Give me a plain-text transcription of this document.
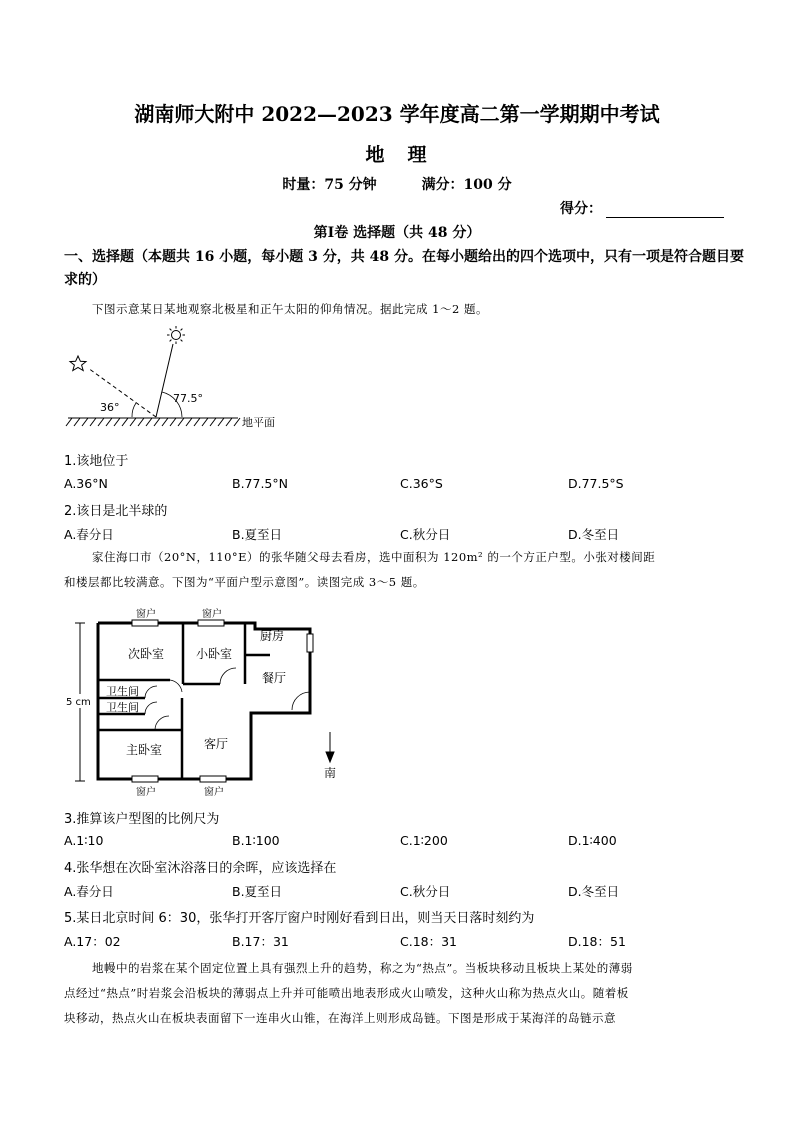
湖南师大附中 2022—2023 学年度高二第一学期期中考试
地　理
时量：75 分钟	满分：100 分
得分：
第Ⅰ卷 选择题（共 48 分）
一、选择题（本题共 16 小题，每小题 3 分，共 48 分。在每小题给出的四个选项中，只有一项是符合题目要求的）
下图示意某日某地观察北极星和正午太阳的仰角情况。据此完成 1～2 题。
36°
77.5°
地平面
1.该地位于
A.36°N	B.77.5°N	C.36°S	D.77.5°S
2.该日是北半球的
A.春分日	B.夏至日	C.秋分日	D.冬至日
家住海口市（20°N，110°E）的张华随父母去看房，选中面积为 120m² 的一个方正户型。小张对楼间距
和楼层都比较满意。下图为“平面户型示意图”。读图完成 3～5 题。
5 cm
窗户	窗户
窗户	窗户
次卧室	小卧室
厨房
餐厅
卫生间
卫生间
主卧室	客厅
南
3.推算该户型图的比例尺为
A.1∶10	B.1∶100	C.1∶200	D.1∶400
4.张华想在次卧室沐浴落日的余晖，应该选择在
A.春分日	B.夏至日	C.秋分日	D.冬至日
5.某日北京时间 6：30，张华打开客厅窗户时刚好看到日出，则当天日落时刻约为
A.17：02	B.17：31	C.18：31	D.18：51
地幔中的岩浆在某个固定位置上具有强烈上升的趋势，称之为“热点”。当板块移动且板块上某处的薄弱
点经过“热点”时岩浆会沿板块的薄弱点上升并可能喷出地表形成火山喷发，这种火山称为热点火山。随着板
块移动，热点火山在板块表面留下一连串火山锥，在海洋上则形成岛链。下图是形成于某海洋的岛链示意
